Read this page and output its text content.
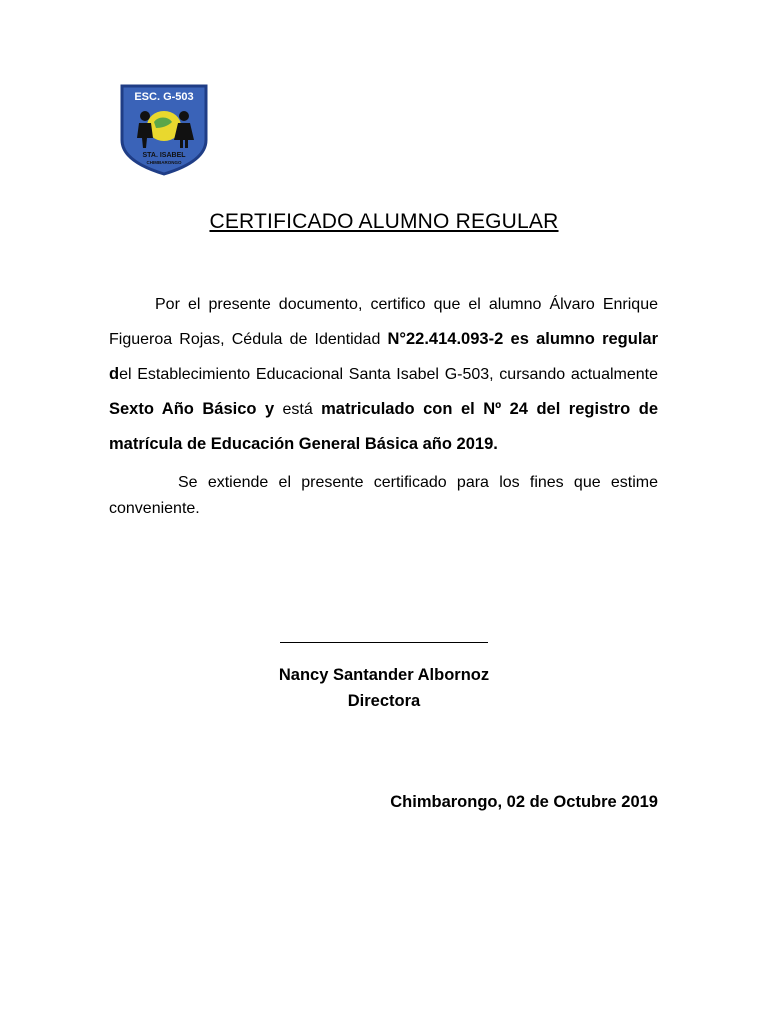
ESC. G-503
STA. ISABEL
CHIMBARONGO
CERTIFICADO ALUMNO REGULAR
Por el presente documento, certifico que el alumno Álvaro Enrique Figueroa Rojas, Cédula de Identidad N°22.414.093-2 es alumno regular del Establecimiento Educacional Santa Isabel G-503, cursando actualmente Sexto Año Básico y está matriculado con el Nº 24 del registro de matrícula de Educación General Básica año 2019.
Se extiende el presente certificado para los fines que estime conveniente.
Nancy Santander Albornoz
Directora
Chimbarongo, 02 de Octubre 2019
